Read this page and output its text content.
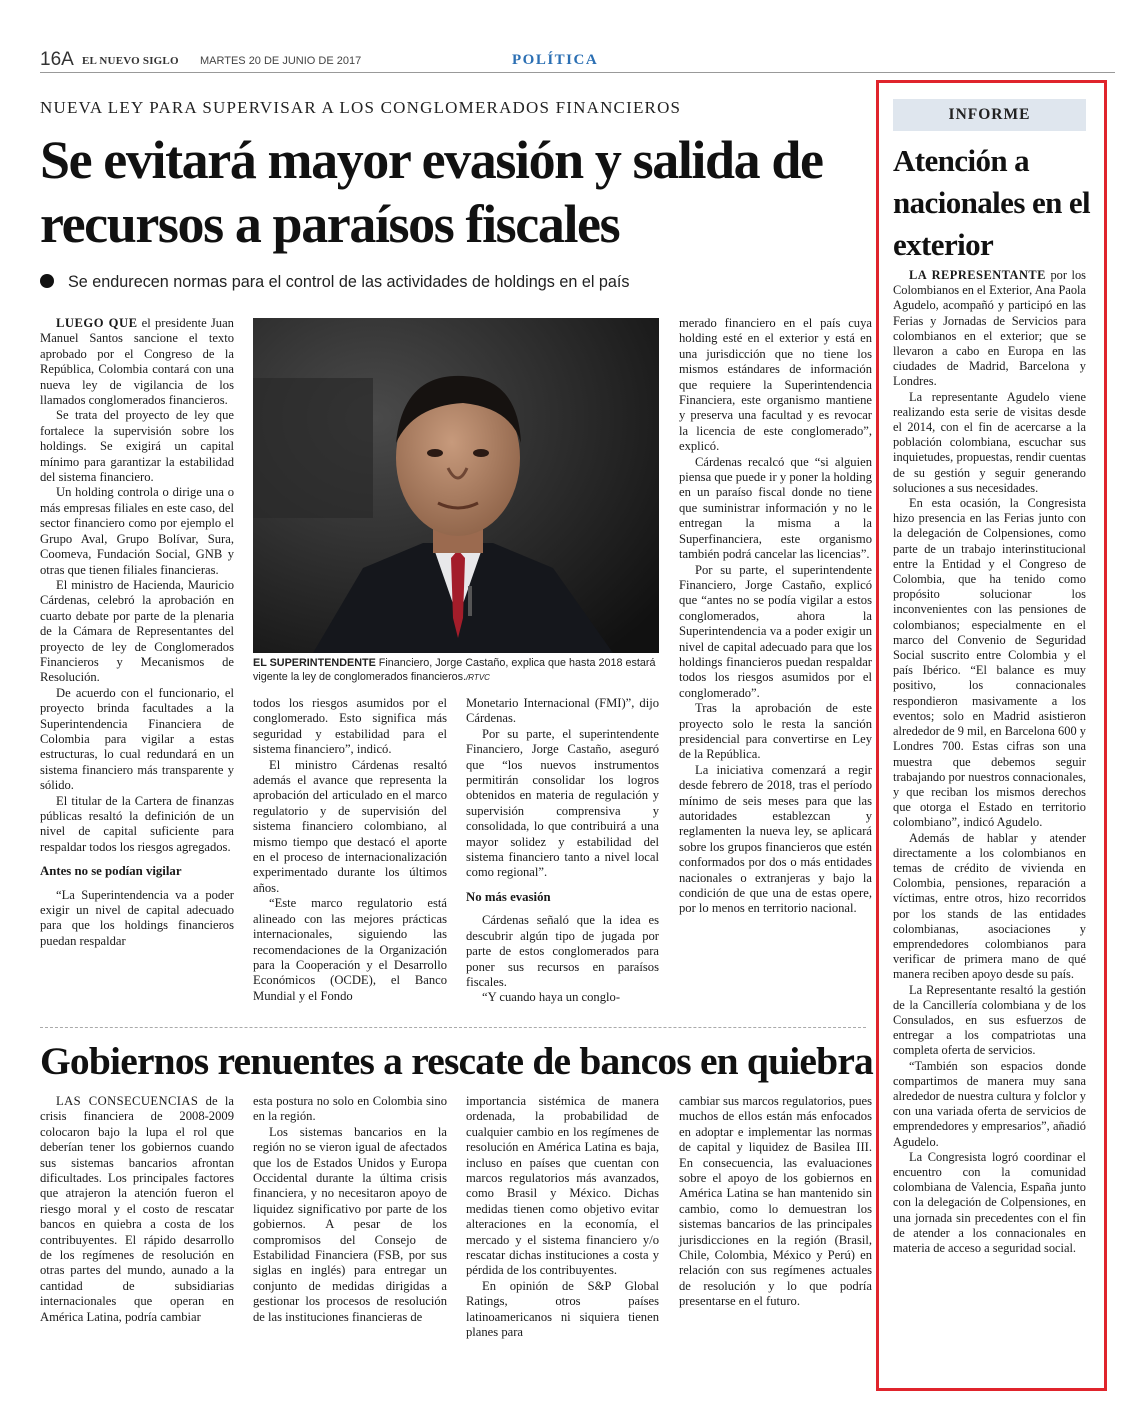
16A EL NUEVO SIGLO MARTES 20 DE JUNIO DE 2017	POLÍTICA
NUEVA LEY PARA SUPERVISAR A LOS CONGLOMERADOS FINANCIEROS
Se evitará mayor evasión y salida de recursos a paraísos fiscales
Se endurecen normas para el control de las actividades de holdings en el país

LUEGO QUE el presidente Juan Manuel Santos sancione el texto aprobado por el Congreso de la República, Colombia contará con una nueva ley de vigilancia de los llamados conglomerados financieros.

Se trata del proyecto de ley que fortalece la supervisión sobre los holdings. Se exigirá un capital mínimo para garantizar la estabilidad del sistema financiero.

Un holding controla o dirige una o más empresas filiales en este caso, del sector financiero como por ejemplo el Grupo Aval, Grupo Bolívar, Sura, Coomeva, Fundación Social, GNB y otras que tienen filiales financieras.

El ministro de Hacienda, Mauricio Cárdenas, celebró la aprobación en cuarto debate por parte de la plenaria de la Cámara de Representantes del proyecto de ley de Conglomerados Financieros y Mecanismos de Resolución.

De acuerdo con el funcionario, el proyecto brinda facultades a la Superintendencia Financiera de Colombia para vigilar a estas estructuras, lo cual redundará en un sistema financiero más transparente y sólido.

El titular de la Cartera de finanzas públicas resaltó la definición de un nivel de capital suficiente para respaldar todos los riesgos agregados.

Antes no se podían vigilar

“La Superintendencia va a poder exigir un nivel de capital adecuado para que los holdings financieros puedan respaldar

EL SUPERINTENDENTE Financiero, Jorge Castaño, explica que hasta 2018 estará vigente la ley de conglomerados financieros./RTVC

todos los riesgos asumidos por el conglomerado. Esto significa más seguridad y estabilidad para el sistema financiero”, indicó.

El ministro Cárdenas resaltó además el avance que representa la aprobación del articulado en el marco regulatorio y de supervisión del sistema financiero colombiano, al mismo tiempo que destacó el aporte en el proceso de internacionalización experimentado durante los últimos años.

“Este marco regulatorio está alineado con las mejores prácticas internacionales, siguiendo las recomendaciones de la Organización para la Cooperación y el Desarrollo Económicos (OCDE), el Banco Mundial y el Fondo

Monetario Internacional (FMI)”, dijo Cárdenas.

Por su parte, el superintendente Financiero, Jorge Castaño, aseguró que “los nuevos instrumentos permitirán consolidar los logros obtenidos en materia de regulación y supervisión comprensiva y consolidada, lo que contribuirá a una mayor solidez y estabilidad del sistema financiero tanto a nivel local como regional”.

No más evasión

Cárdenas señaló que la idea es descubrir algún tipo de jugada por parte de estos conglomerados para poner sus recursos en paraísos fiscales.

“Y cuando haya un conglo-

merado financiero en el país cuya holding esté en el exterior y está en una jurisdicción que no tiene los mismos estándares de información que requiere la Superintendencia Financiera, este organismo mantiene y preserva una facultad y es revocar la licencia de este conglomerado”, explicó.

Cárdenas recalcó que “si alguien piensa que puede ir y poner la holding en un paraíso fiscal donde no tiene que suministrar información y no le entregan la misma a la Superfinanciera, este organismo también podrá cancelar las licencias”.

Por su parte, el superintendente Financiero, Jorge Castaño, explicó que “antes no se podía vigilar a estos conglomerados, ahora la Superintendencia va a poder exigir un nivel de capital adecuado para que los holdings financieros puedan respaldar todos los riesgos asumidos por el conglomerado”.

Tras la aprobación de este proyecto solo le resta la sanción presidencial para convertirse en Ley de la República.

La iniciativa comenzará a regir desde febrero de 2018, tras el período mínimo de seis meses para que las autoridades establezcan y reglamenten la nueva ley, se aplicará sobre los grupos financieros que estén conformados por dos o más entidades nacionales o extranjeras y bajo la condición de que una de estas opere, por lo menos en territorio nacional.

Gobiernos renuentes a rescate de bancos en quiebra

LAS CONSECUENCIAS de la crisis financiera de 2008-2009 colocaron bajo la lupa el rol que deberían tener los gobiernos cuando sus sistemas bancarios afrontan dificultades. Los principales factores que atrajeron la atención fueron el riesgo moral y el costo de rescatar bancos en quiebra a costa de los contribuyentes. El rápido desarrollo de los regímenes de resolución en otras partes del mundo, aunado a la cantidad de subsidiarias internacionales que operan en América Latina, podría cambiar

esta postura no solo en Colombia sino en la región.

Los sistemas bancarios en la región no se vieron igual de afectados que los de Estados Unidos y Europa Occidental durante la última crisis financiera, y no necesitaron apoyo de liquidez significativo por parte de los gobiernos. A pesar de los compromisos del Consejo de Estabilidad Financiera (FSB, por sus siglas en inglés) para entregar un conjunto de medidas dirigidas a gestionar los procesos de resolución de las instituciones financieras de

importancia sistémica de manera ordenada, la probabilidad de cualquier cambio en los regímenes de resolución en América Latina es baja, incluso en países que cuentan con marcos regulatorios más avanzados, como Brasil y México. Dichas medidas tienen como objetivo evitar alteraciones en la economía, el mercado y el sistema financiero y/o rescatar dichas instituciones a costa y pérdida de los contribuyentes.

En opinión de S&P Global Ratings, otros países latinoamericanos ni siquiera tienen planes para

cambiar sus marcos regulatorios, pues muchos de ellos están más enfocados en adoptar e implementar las normas de capital y liquidez de Basilea III. En consecuencia, las evaluaciones sobre el apoyo de los gobiernos en América Latina se han mantenido sin cambio, como lo demuestran los sistemas bancarios de las principales jurisdicciones en la región (Brasil, Chile, Colombia, México y Perú) en relación con sus regímenes actuales de resolución y lo que podría presentarse en el futuro.

INFORME
Atención a nacionales en el exterior

LA REPRESENTANTE por los Colombianos en el Exterior, Ana Paola Agudelo, acompañó y participó en las Ferias y Jornadas de Servicios para colombianos en el exterior; que se llevaron a cabo en Europa en las ciudades de Madrid, Barcelona y Londres.

La representante Agudelo viene realizando esta serie de visitas desde el 2014, con el fin de acercarse a la población colombiana, escuchar sus inquietudes, propuestas, rendir cuentas de su gestión y seguir generando soluciones a sus necesidades.

En esta ocasión, la Congresista hizo presencia en las Ferias junto con la delegación de Colpensiones, como parte de un trabajo interinstitucional entre la Entidad y el Congreso de Colombia, que ha tenido como propósito solucionar los inconvenientes con las pensiones de colombianos; especialmente en el marco del Convenio de Seguridad Social suscrito entre Colombia y el país Ibérico. “El balance es muy positivo, los connacionales respondieron masivamente a los eventos; solo en Madrid asistieron alrededor de 9 mil, en Barcelona 600 y Londres 700. Estas cifras son una muestra que debemos seguir trabajando por nuestros connacionales, y que reciban los mismos derechos que otorga el Estado en territorio colombiano”, indicó Agudelo.

Además de hablar y atender directamente a los colombianos en temas de crédito de vivienda en Colombia, pensiones, reparación a víctimas, entre otros, hizo recorridos por los stands de las entidades colombianas, asociaciones y emprendedores colombianos para verificar de primera mano de qué manera reciben apoyo desde su país.

La Representante resaltó la gestión de la Cancillería colombiana y de los Consulados, en sus esfuerzos de entregar a los compatriotas una completa oferta de servicios.

“También son espacios donde compartimos de manera muy sana alrededor de nuestra cultura y folclor y con una variada oferta de servicios de emprendedores y empresarios”, añadió Agudelo.

La Congresista logró coordinar el encuentro con la comunidad colombiana de Valencia, España junto con la delegación de Colpensiones, en una jornada sin precedentes con el fin de atender a los connacionales en materia de acceso a seguridad social.
